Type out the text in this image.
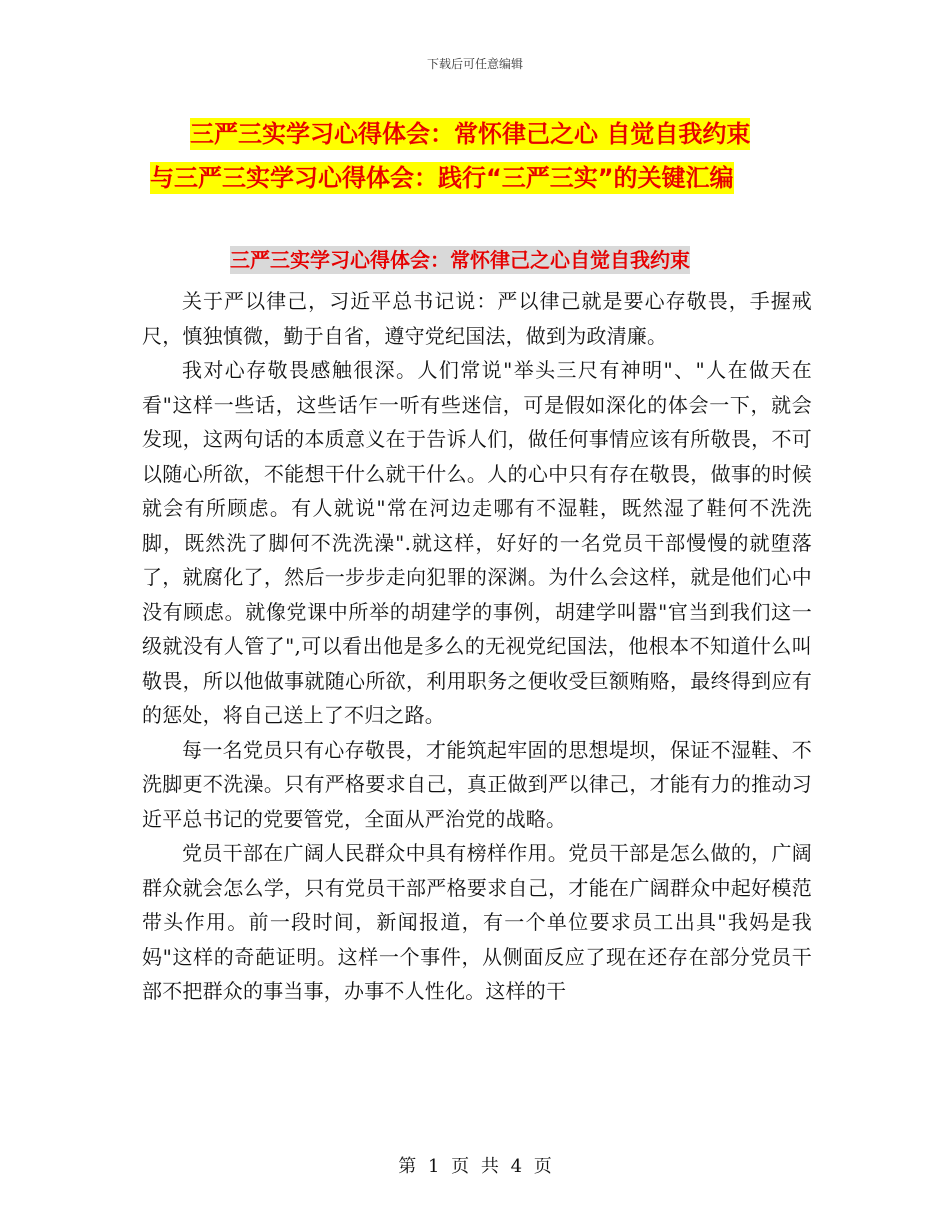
下载后可任意编辑
三严三实学习心得体会：常怀律己之心 自觉自我约束
与三严三实学习心得体会：践行“三严三实”的关键汇编
三严三实学习心得体会：常怀律己之心自觉自我约束

关于严以律己，习近平总书记说：严以律己就是要心存敬畏，手握戒尺，慎独慎微，勤于自省，遵守党纪国法，做到为政清廉。

我对心存敬畏感触很深。人们常说"举头三尺有神明"、"人在做天在看"这样一些话，这些话乍一听有些迷信，可是假如深化的体会一下，就会发现，这两句话的本质意义在于告诉人们，做任何事情应该有所敬畏，不可以随心所欲，不能想干什么就干什么。人的心中只有存在敬畏，做事的时候就会有所顾虑。有人就说"常在河边走哪有不湿鞋，既然湿了鞋何不洗洗脚，既然洗了脚何不洗洗澡".就这样，好好的一名党员干部慢慢的就堕落了，就腐化了，然后一步步走向犯罪的深渊。为什么会这样，就是他们心中没有顾虑。就像党课中所举的胡建学的事例，胡建学叫嚣"官当到我们这一级就没有人管了",可以看出他是多么的无视党纪国法，他根本不知道什么叫敬畏，所以他做事就随心所欲，利用职务之便收受巨额贿赂，最终得到应有的惩处，将自己送上了不归之路。

每一名党员只有心存敬畏，才能筑起牢固的思想堤坝，保证不湿鞋、不洗脚更不洗澡。只有严格要求自己，真正做到严以律己，才能有力的推动习近平总书记的党要管党，全面从严治党的战略。

党员干部在广阔人民群众中具有榜样作用。党员干部是怎么做的，广阔群众就会怎么学，只有党员干部严格要求自己，才能在广阔群众中起好模范带头作用。前一段时间，新闻报道，有一个单位要求员工出具"我妈是我妈"这样的奇葩证明。这样一个事件，从侧面反应了现在还存在部分党员干部不把群众的事当事，办事不人性化。这样的干

第 1 页 共 4 页
